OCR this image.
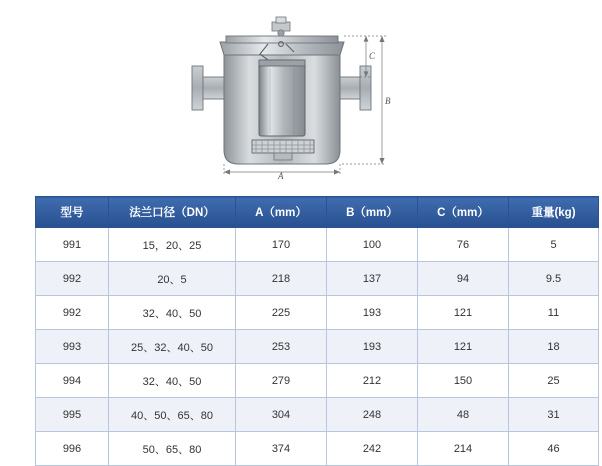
A
B
C
型号	法兰口径（DN）	A（mm）	B（mm）	C（mm）	重量(kg)
991	15，20、25	170	100	76	5
992	20、5	218	137	94	9.5
992	32、40、50	225	193	121	11
993	25、32、40、50	253	193	121	18
994	32、40、50	279	212	150	25
995	40、50、65、80	304	248	48	31
996	50、65、80	374	242	214	46
